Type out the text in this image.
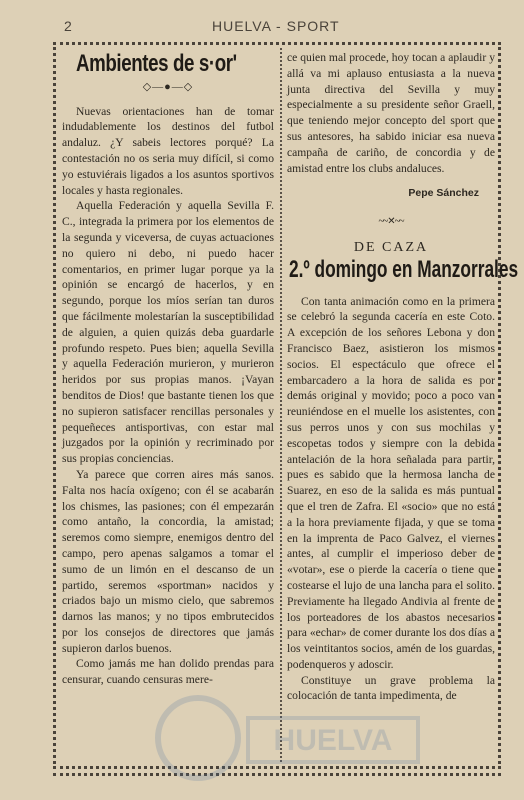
2	HUELVA - SPORT
Ambientes de s·or'
◇—●—◇

Nuevas orientaciones han de tomar indudablemente los destinos del futbol andaluz. ¿Y sabeis lectores porqué? La contestación no os seria muy difícil, si como yo estuviérais ligados a los asuntos sportivos locales y hasta regionales.

Aquella Federación y aquella Sevilla F. C., integrada la primera por los elementos de la segunda y viceversa, de cuyas actuaciones no quiero ni debo, ni puedo hacer comentarios, en primer lugar porque ya la opinión se encargó de hacerlos, y en segundo, porque los míos serían tan duros que fácilmente molestarían la susceptibilidad de alguien, a quien quizás deba guardarle profundo respeto. Pues bien; aquella Sevilla y aquella Federación murieron, y murieron heridos por sus propias manos. ¡Vayan benditos de Dios! que bastante tienen los que no supieron satisfacer rencillas personales y pequeñeces antisportivas, con estar mal juzgados por la opinión y recriminado por sus propias conciencias.

Ya parece que corren aires más sanos. Falta nos hacía oxígeno; con él se acabarán los chismes, las pasiones; con él empezarán como antaño, la concordia, la amistad; seremos como siempre, enemigos dentro del campo, pero apenas salgamos a tomar el sumo de un limón en el descanso de un partido, seremos «sportman» nacidos y criados bajo un mismo cielo, que sabremos darnos las manos; y no tipos embrutecidos por los consejos de directores que jamás supieron darlos buenos.

Como jamás me han dolido prendas para censurar, cuando censuras mere-

ce quien mal procede, hoy tocan a aplaudir y allá va mi aplauso entusiasta a la nueva junta directiva del Sevilla y muy especialmente a su presidente señor Graell, que teniendo mejor concepto del sport que sus antesores, ha sabido iniciar esa nueva campaña de cariño, de concordia y de amistad entre los clubs andaluces.

Pepe Sánchez
~~✕~~
DE CAZA
2.º domingo en Manzorrales

Con tanta animación como en la primera se celebró la segunda cacería en este Coto. A excepción de los señores Lebona y don Francisco Baez, asistieron los mismos socios. El espectáculo que ofrece el embarcadero a la hora de salida es por demás original y movido; poco a poco van reuniéndose en el muelle los asistentes, con sus perros unos y con sus mochilas y escopetas todos y siempre con la debida antelación de la hora señalada para partir, pues es sabido que la hermosa lancha de Suarez, en eso de la salida es más puntual que el tren de Zafra. El «socio» que no está a la hora previamente fijada, y que se toma en la imprenta de Paco Galvez, el viernes antes, al cumplir el imperioso deber de «votar», ese o pierde la cacería o tiene que costearse el lujo de una lancha para el solito. Previamente ha llegado Andivia al frente de los porteadores de los abastos necesarios para «echar» de comer durante los dos días a los veintitantos socios, amén de los guardas, podenqueros y adoscir.

Constituye un grave problema la colocación de tanta impedimenta, de

HUELVA
